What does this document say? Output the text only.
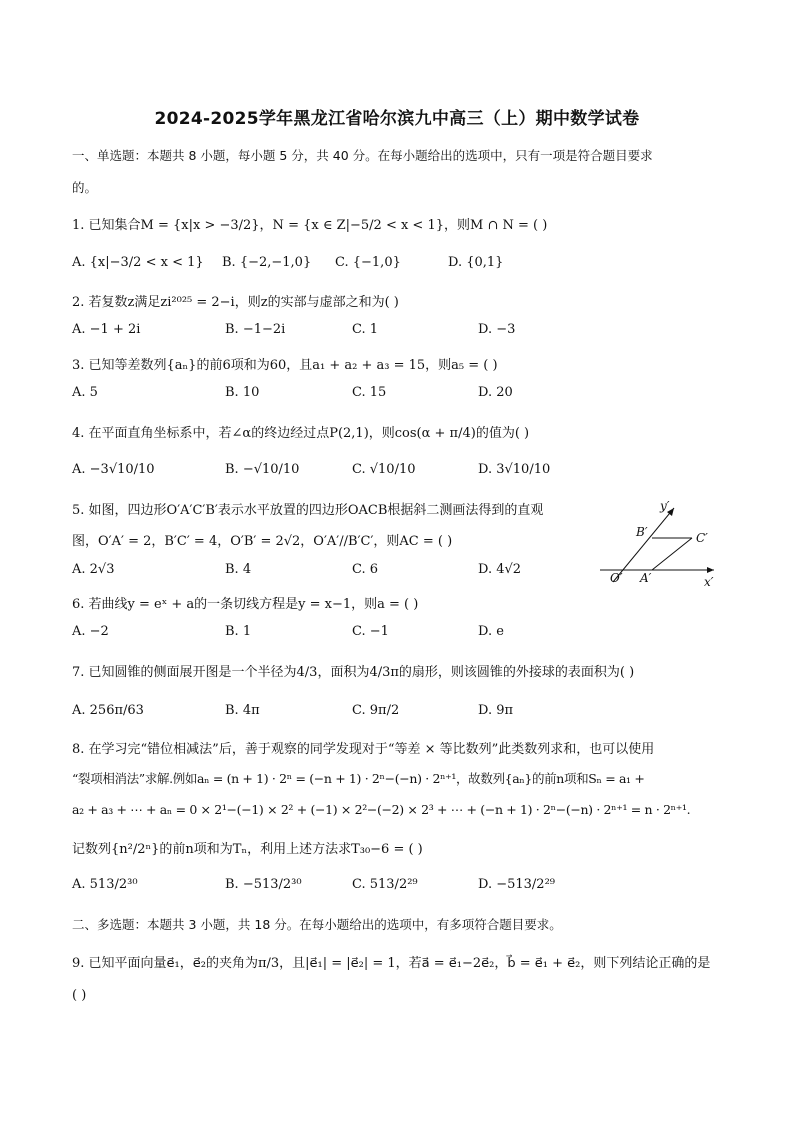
2024-2025学年黑龙江省哈尔滨九中高三（上）期中数学试卷
一、单选题：本题共 8 小题，每小题 5 分，共 40 分。在每小题给出的选项中，只有一项是符合题目要求
的。
1. 已知集合M = {x|x > −3/2}，N = {x ∈ Z|−5/2 < x < 1}，则M ∩ N = ( )
A. {x|−3/2 < x < 1} B. {−2,−1,0} C. {−1,0}	D. {0,1}
2. 若复数z满足zi²⁰²⁵ = 2−i，则z的实部与虚部之和为( )
A. −1 + 2i	B. −1−2i	C. 1	D. −3
3. 已知等差数列{aₙ}的前6项和为60，且a₁ + a₂ + a₃ = 15，则a₅ = ( )
A. 5	B. 10	C. 15	D. 20
4. 在平面直角坐标系中，若∠α的终边经过点P(2,1)，则cos(α + π/4)的值为( )
A. −3√10/10	B. −√10/10	C. √10/10	D. 3√10/10
5. 如图，四边形O′A′C′B′表示水平放置的四边形OACB根据斜二测画法得到的直观
图，O′A′ = 2，B′C′ = 4，O′B′ = 2√2，O′A′//B′C′，则AC = ( )
A. 2√3	B. 4	C. 6	D. 4√2
y′
x′
O′ A′
B′	C′
6. 若曲线y = eˣ + a的一条切线方程是y = x−1，则a = ( )
A. −2	B. 1	C. −1	D. e
7. 已知圆锥的侧面展开图是一个半径为4/3，面积为4/3π的扇形，则该圆锥的外接球的表面积为( )
A. 256π/63	B. 4π	C. 9π/2	D. 9π
8. 在学习完“错位相减法”后，善于观察的同学发现对于“等差 × 等比数列”此类数列求和，也可以使用
“裂项相消法”求解.例如aₙ = (n + 1) · 2ⁿ = (−n + 1) · 2ⁿ−(−n) · 2ⁿ⁺¹，故数列{aₙ}的前n项和Sₙ = a₁ +
a₂ + a₃ + ⋯ + aₙ = 0 × 2¹−(−1) × 2² + (−1) × 2²−(−2) × 2³ + ⋯ + (−n + 1) · 2ⁿ−(−n) · 2ⁿ⁺¹ = n · 2ⁿ⁺¹.
记数列{n²/2ⁿ}的前n项和为Tₙ，利用上述方法求T₃₀−6 = ( )
A. 513/2³⁰	B. −513/2³⁰	C. 513/2²⁹	D. −513/2²⁹
二、多选题：本题共 3 小题，共 18 分。在每小题给出的选项中，有多项符合题目要求。
9. 已知平面向量e⃗₁，e⃗₂的夹角为π/3，且|e⃗₁| = |e⃗₂| = 1，若a⃗ = e⃗₁−2e⃗₂，b⃗ = e⃗₁ + e⃗₂，则下列结论正确的是
( )
